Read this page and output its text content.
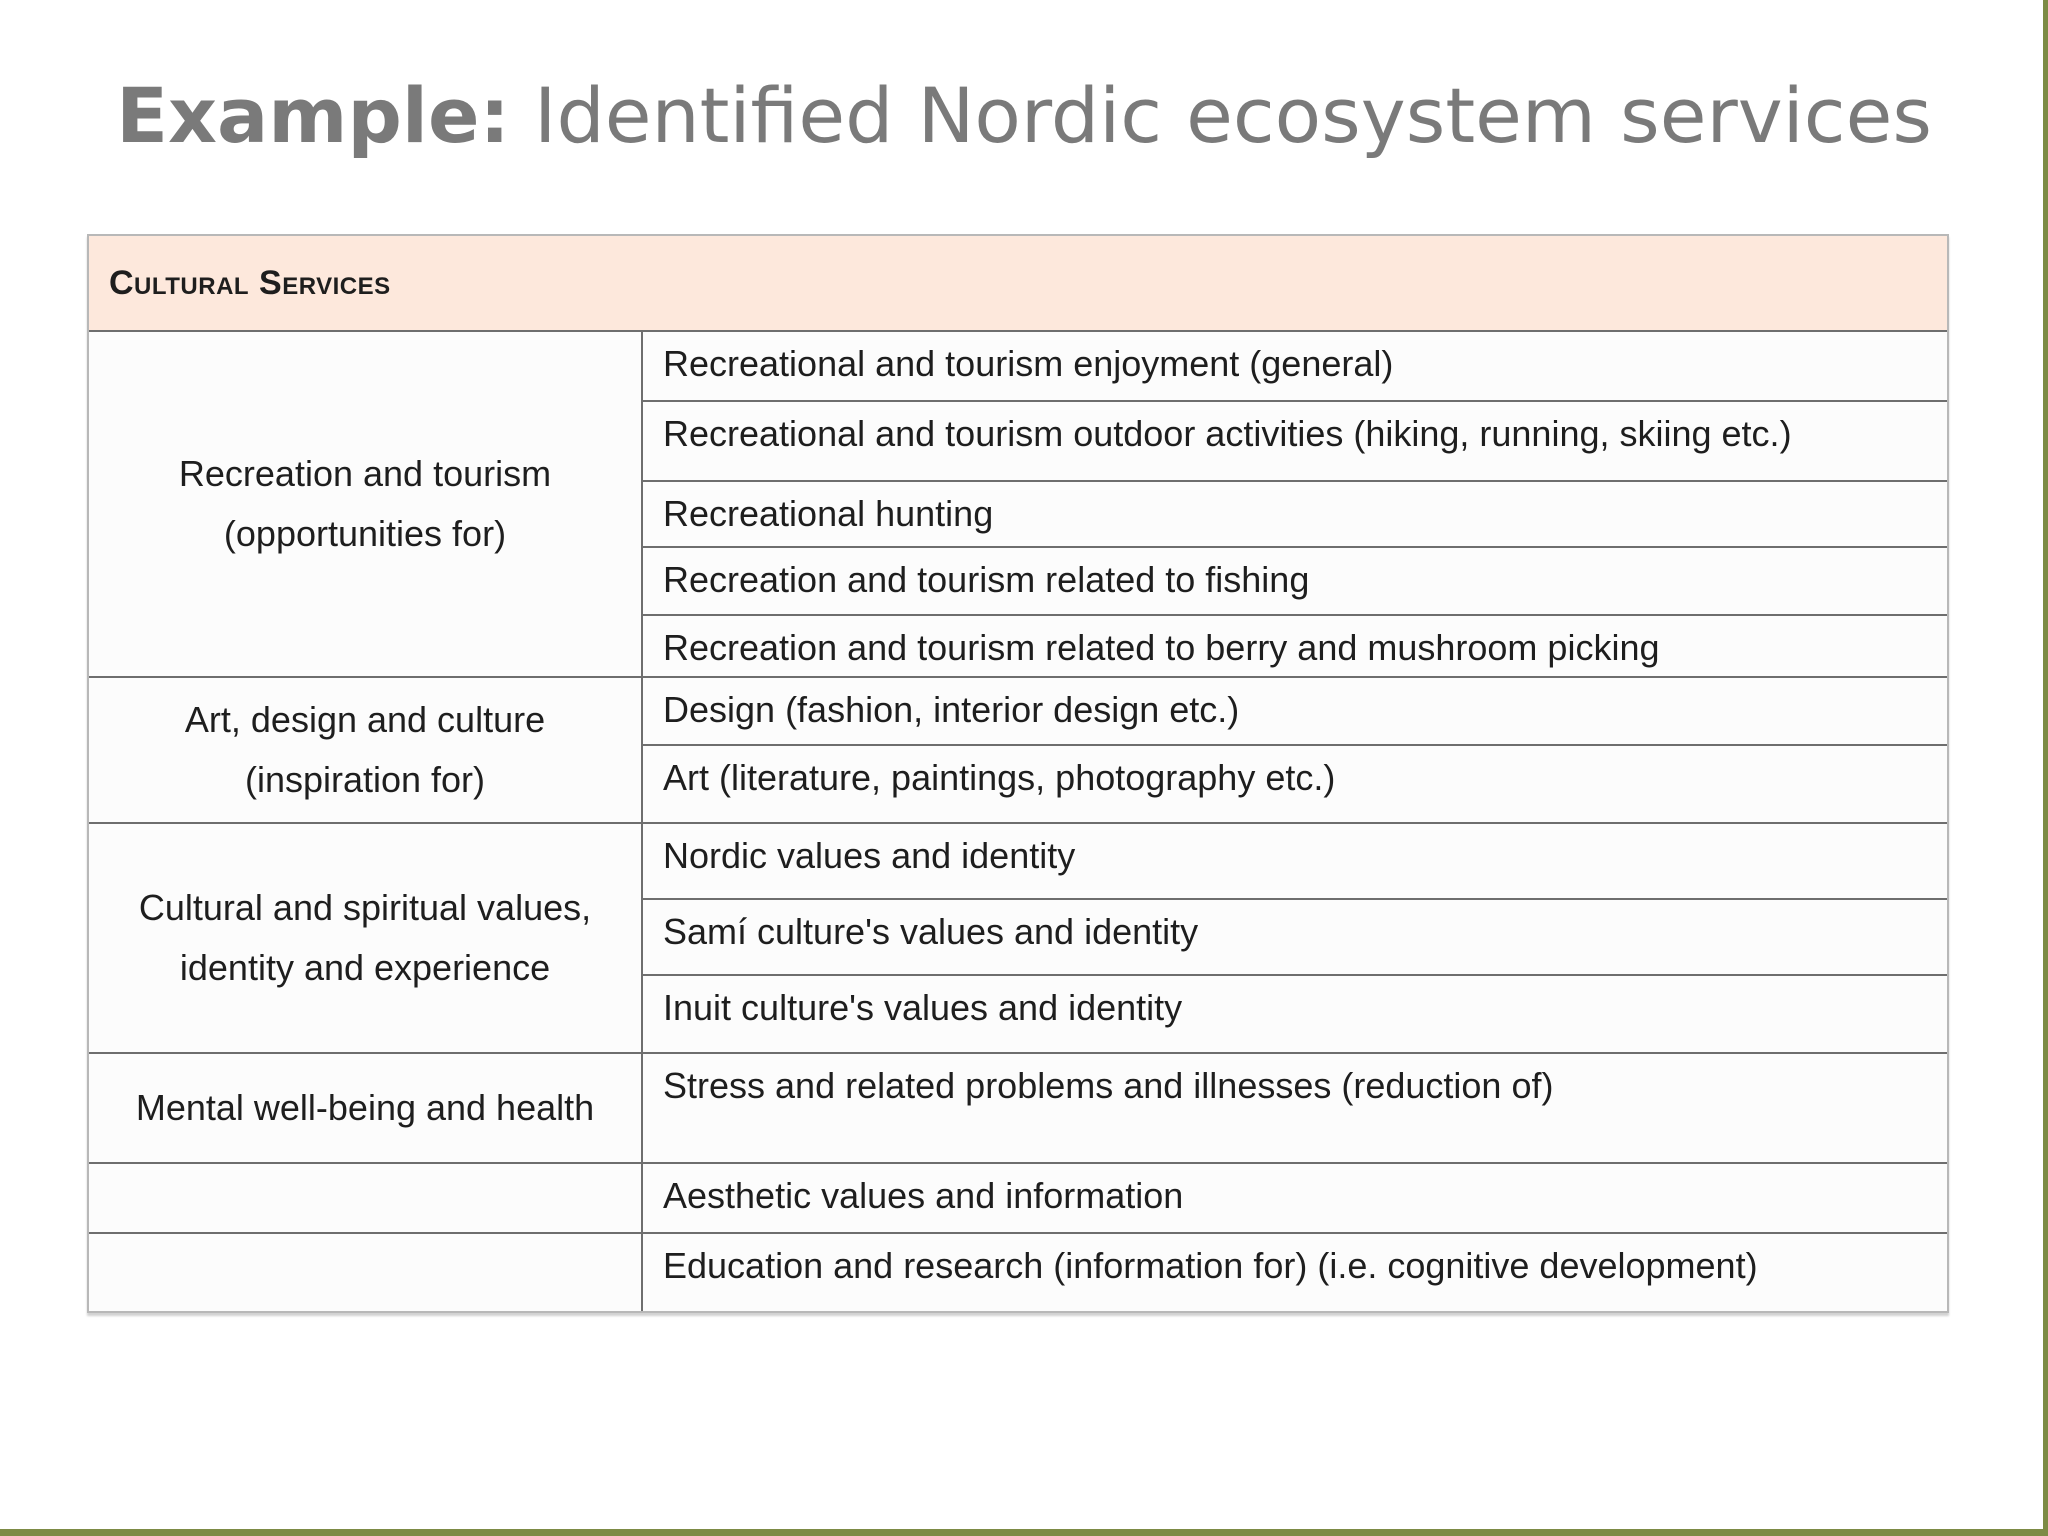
Example: Identified Nordic ecosystem services
Cultural Services	
Recreation and tourism (opportunities for)	Recreational and tourism enjoyment (general)
	Recreational and tourism outdoor activities (hiking, running, skiing etc.)
	Recreational hunting
	Recreation and tourism related to fishing
	Recreation and tourism related to berry and mushroom picking
Art, design and culture (inspiration for)	Design (fashion, interior design etc.)
	Art (literature, paintings, photography etc.)
Cultural and spiritual values, identity and experience	Nordic values and identity
	Samí culture's values and identity
	Inuit culture's values and identity
Mental well-being and health	Stress and related problems and illnesses (reduction of)
	Aesthetic values and information
	Education and research (information for) (i.e. cognitive development)
